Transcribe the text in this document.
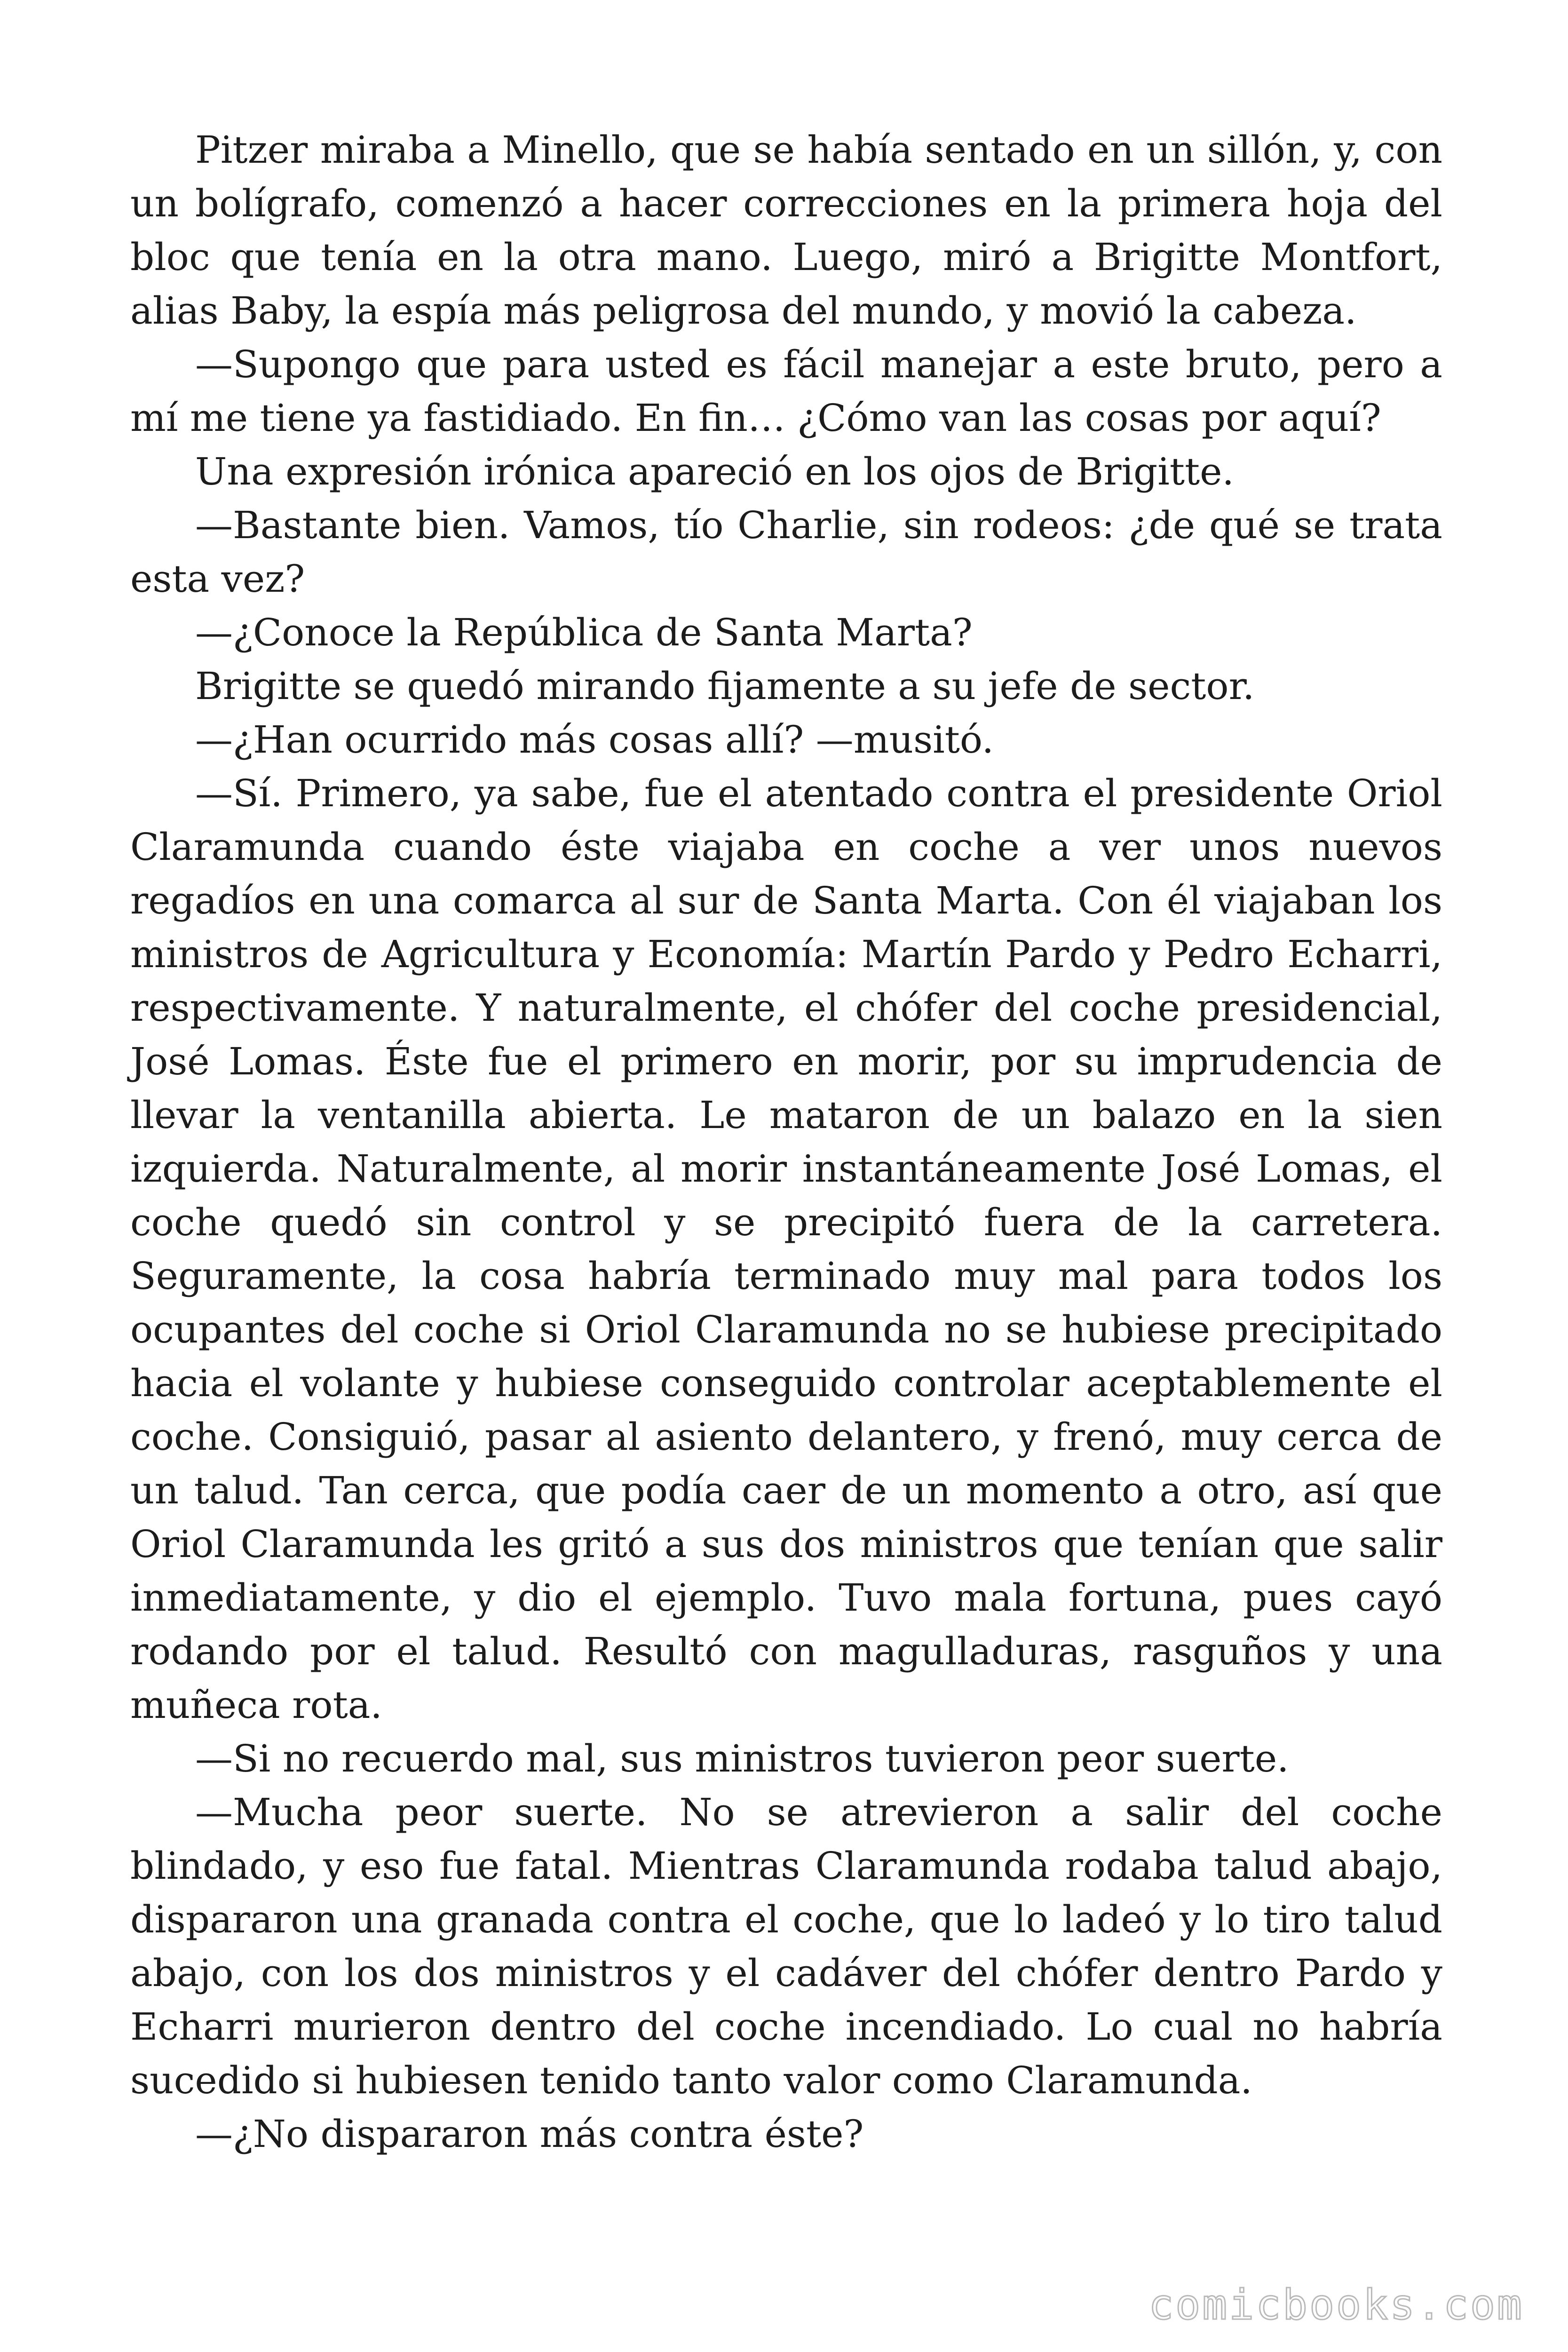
Pitzer miraba a Minello, que se había sentado en un sillón, y, con un bolígrafo, comenzó a hacer correcciones en la primera hoja del bloc que tenía en la otra mano. Luego, miró a Brigitte Montfort, alias Baby, la espía más peligrosa del mundo, y movió la cabeza.

—Supongo que para usted es fácil manejar a este bruto, pero a mí me tiene ya fastidiado. En fin… ¿Cómo van las cosas por aquí?

Una expresión irónica apareció en los ojos de Brigitte.

—Bastante bien. Vamos, tío Charlie, sin rodeos: ¿de qué se trata esta vez?

—¿Conoce la República de Santa Marta?

Brigitte se quedó mirando fijamente a su jefe de sector.

—¿Han ocurrido más cosas allí? —musitó.

—Sí. Primero, ya sabe, fue el atentado contra el presidente Oriol Claramunda cuando éste viajaba en coche a ver unos nuevos regadíos en una comarca al sur de Santa Marta. Con él viajaban los ministros de Agricultura y Economía: Martín Pardo y Pedro Echarri, respectivamente. Y naturalmente, el chófer del coche presidencial, José Lomas. Éste fue el primero en morir, por su imprudencia de llevar la ventanilla abierta. Le mataron de un balazo en la sien izquierda. Naturalmente, al morir instantáneamente José Lomas, el coche quedó sin control y se precipitó fuera de la carretera. Seguramente, la cosa habría terminado muy mal para todos los ocupantes del coche si Oriol Claramunda no se hubiese precipitado hacia el volante y hubiese conseguido controlar aceptablemente el coche. Consiguió, pasar al asiento delantero, y frenó, muy cerca de un talud. Tan cerca, que podía caer de un momento a otro, así que Oriol Claramunda les gritó a sus dos ministros que tenían que salir inmediatamente, y dio el ejemplo. Tuvo mala fortuna, pues cayó rodando por el talud. Resultó con magulladuras, rasguños y una muñeca rota.

—Si no recuerdo mal, sus ministros tuvieron peor suerte.

—Mucha peor suerte. No se atrevieron a salir del coche blindado, y eso fue fatal. Mientras Claramunda rodaba talud abajo, dispararon una granada contra el coche, que lo ladeó y lo tiro talud abajo, con los dos ministros y el cadáver del chófer dentro Pardo y Echarri murieron dentro del coche incendiado. Lo cual no habría sucedido si hubiesen tenido tanto valor como Claramunda.

—¿No dispararon más contra éste?

comicbooks.com
